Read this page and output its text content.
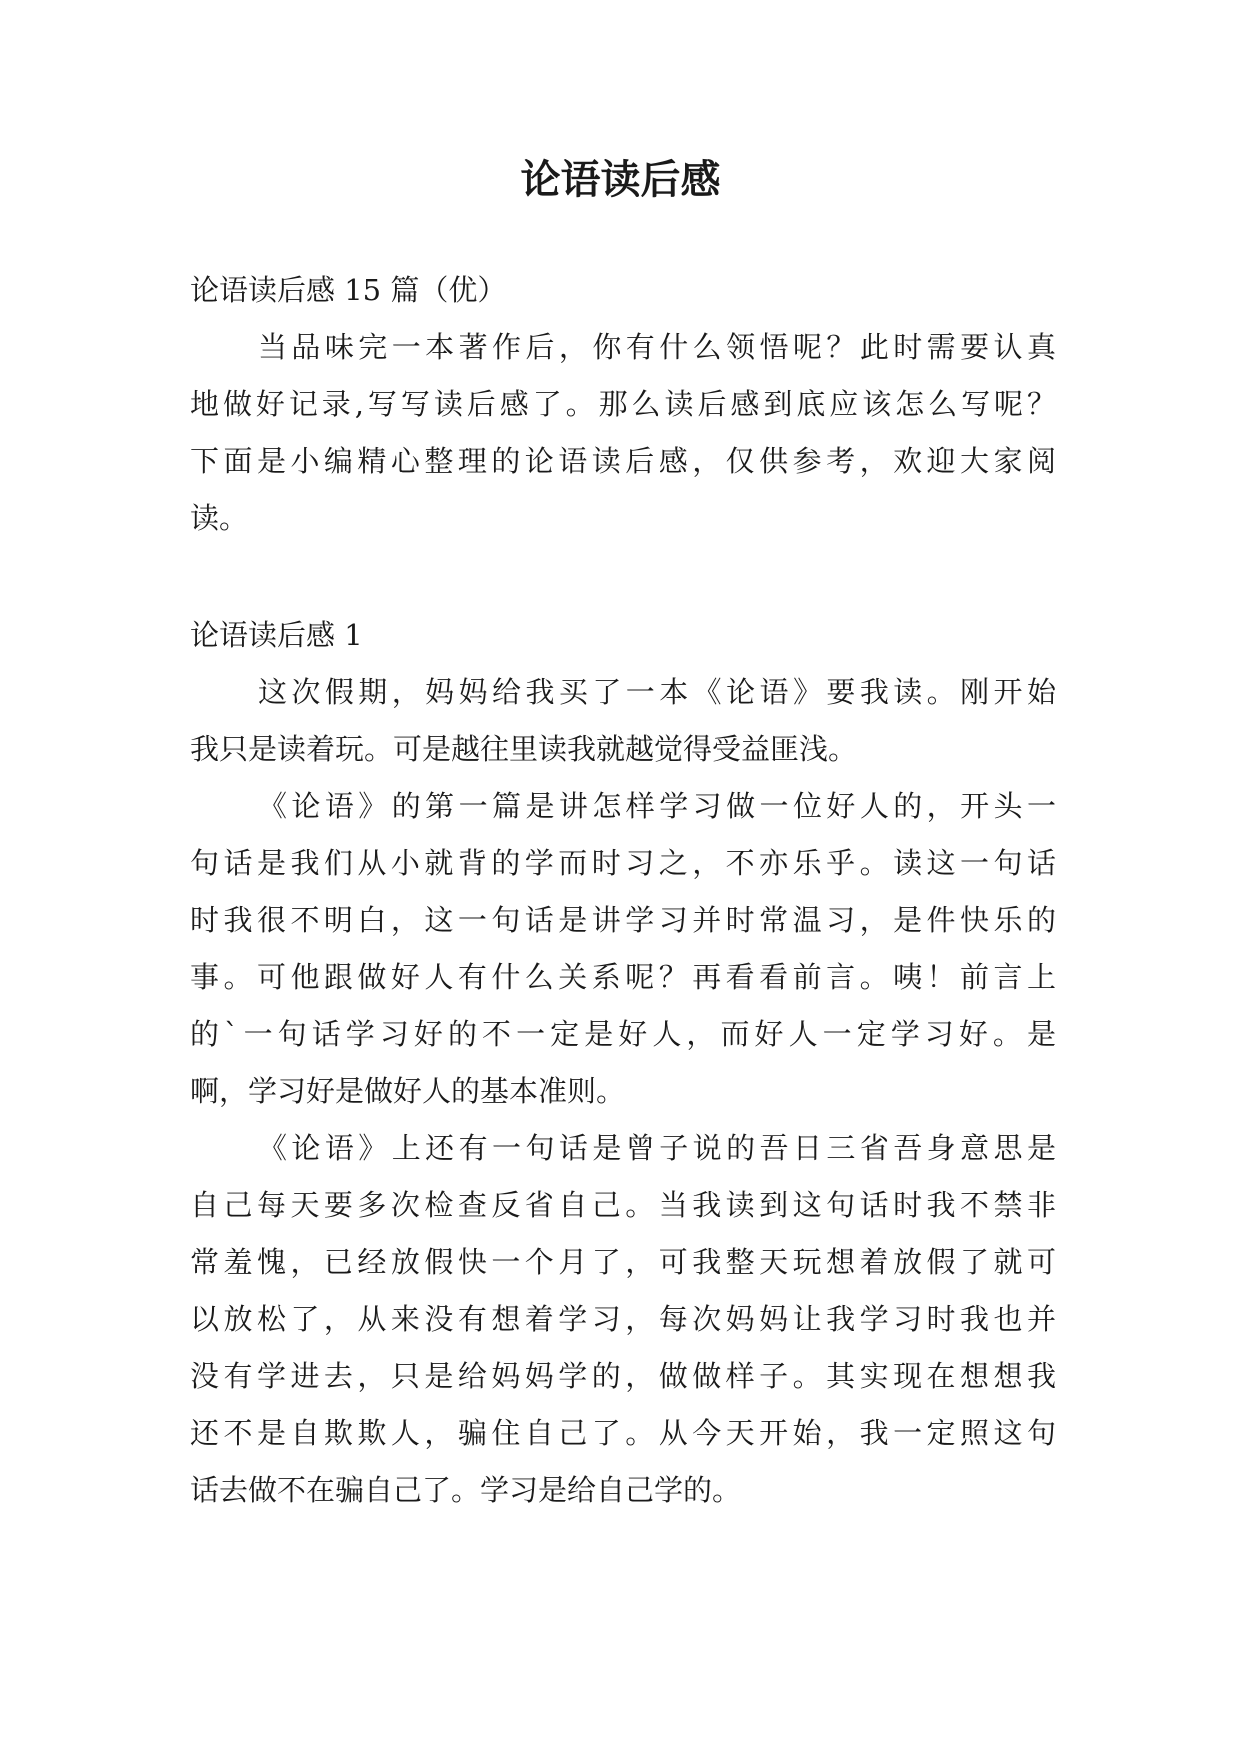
论语读后感
论语读后感 15 篇（优）
当品味完一本著作后，你有什么领悟呢？此时需要认真
地做好记录,写写读后感了。那么读后感到底应该怎么写呢？
下面是小编精心整理的论语读后感，仅供参考，欢迎大家阅
读。
论语读后感 1
这次假期，妈妈给我买了一本《论语》要我读。刚开始
我只是读着玩。可是越往里读我就越觉得受益匪浅。
《论语》的第一篇是讲怎样学习做一位好人的，开头一
句话是我们从小就背的学而时习之，不亦乐乎。读这一句话
时我很不明白，这一句话是讲学习并时常温习，是件快乐的
事。可他跟做好人有什么关系呢？再看看前言。咦！前言上
的`一句话学习好的不一定是好人，而好人一定学习好。是
啊，学习好是做好人的基本准则。
《论语》上还有一句话是曾子说的吾日三省吾身意思是
自己每天要多次检查反省自己。当我读到这句话时我不禁非
常羞愧，已经放假快一个月了，可我整天玩想着放假了就可
以放松了，从来没有想着学习，每次妈妈让我学习时我也并
没有学进去，只是给妈妈学的，做做样子。其实现在想想我
还不是自欺欺人，骗住自己了。从今天开始，我一定照这句
话去做不在骗自己了。学习是给自己学的。
